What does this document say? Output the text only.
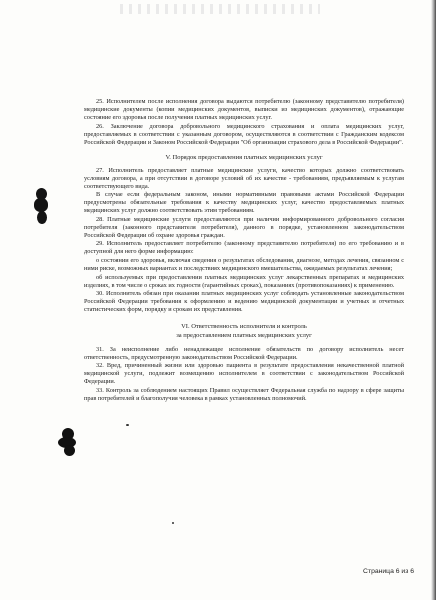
25. Исполнителем после исполнения договора выдаются потребителю (законному представителю потребителя) медицинские документы (копии медицинских документов, выписки из медицинских документов), отражающие состояние его здоровья после получения платных медицинских услуг.

26. Заключение договора добровольного медицинского страхования и оплата медицинских услуг, предоставляемых в соответствии с указанным договором, осуществляются в соответствии с Гражданским кодексом Российской Федерации и Законом Российской Федерации "Об организации страхового дела в Российской Федерации".

V. Порядок предоставления платных медицинских услуг

27. Исполнитель предоставляет платные медицинские услуги, качество которых должно соответствовать условиям договора, а при отсутствии в договоре условий об их качестве - требованиям, предъявляемым к услугам соответствующего вида.

В случае если федеральным законом, иными нормативными правовыми актами Российской Федерации предусмотрены обязательные требования к качеству медицинских услуг, качество предоставляемых платных медицинских услуг должно соответствовать этим требованиям.

28. Платные медицинские услуги предоставляются при наличии информированного добровольного согласия потребителя (законного представителя потребителя), данного в порядке, установленном законодательством Российской Федерации об охране здоровья граждан.

29. Исполнитель предоставляет потребителю (законному представителю потребителя) по его требованию и в доступной для него форме информацию:

о состоянии его здоровья, включая сведения о результатах обследования, диагнозе, методах лечения, связанном с ними риске, возможных вариантах и последствиях медицинского вмешательства, ожидаемых результатах лечения;

об используемых при предоставлении платных медицинских услуг лекарственных препаратах и медицинских изделиях, в том числе о сроках их годности (гарантийных сроках), показаниях (противопоказаниях) к применению.

30. Исполнитель обязан при оказании платных медицинских услуг соблюдать установленные законодательством Российской Федерации требования к оформлению и ведению медицинской документации и учетных и отчетных статистических форм, порядку и срокам их представления.

VI. Ответственность исполнителя и контроль
за предоставлением платных медицинских услуг

31. За неисполнение либо ненадлежащее исполнение обязательств по договору исполнитель несет ответственность, предусмотренную законодательством Российской Федерации.

32. Вред, причиненный жизни или здоровью пациента в результате предоставления некачественной платной медицинской услуги, подлежит возмещению исполнителем в соответствии с законодательством Российской Федерации.

33. Контроль за соблюдением настоящих Правил осуществляет Федеральная служба по надзору в сфере защиты прав потребителей и благополучия человека в рамках установленных полномочий.

Страница 6 из 6
